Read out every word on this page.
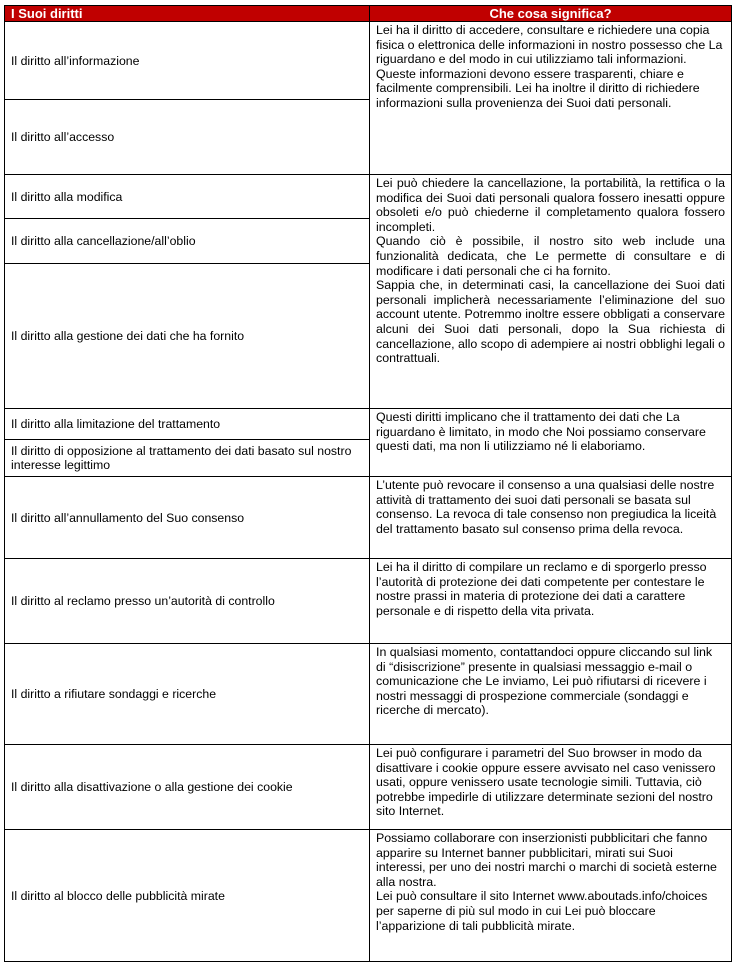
I Suoi diritti	Che cosa significa?
Il diritto all’informazione	Lei ha il diritto di accedere, consultare e richiedere una copia fisica o elettronica delle informazioni in nostro possesso che La riguardano e del modo in cui utilizziamo tali informazioni. Queste informazioni devono essere trasparenti, chiare e facilmente comprensibili. Lei ha inoltre il diritto di richiedere informazioni sulla provenienza dei Suoi dati personali.
Il diritto all’accesso	
Il diritto alla modifica	Lei può chiedere la cancellazione, la portabilità, la rettifica o la modifica dei Suoi dati personali qualora fossero inesatti oppure obsoleti e/o può chiederne il completamento qualora fossero incompleti.

Quando ciò è possibile, il nostro sito web include una funzionalità dedicata, che Le permette di consultare e di modificare i dati personali che ci ha fornito.

Sappia che, in determinati casi, la cancellazione dei Suoi dati personali implicherà necessariamente l’eliminazione del suo account utente. Potremmo inoltre essere obbligati a conservare alcuni dei Suoi dati personali, dopo la Sua richiesta di cancellazione, allo scopo di adempiere ai nostri obblighi legali o contrattuali.

Il diritto alla cancellazione/all’oblio	
Il diritto alla gestione dei dati che ha fornito	
Il diritto alla limitazione del trattamento	Questi diritti implicano che il trattamento dei dati che La riguardano è limitato, in modo che Noi possiamo conservare questi dati, ma non li utilizziamo né li elaboriamo.
Il diritto di opposizione al trattamento dei dati basato sul nostro interesse legittimo	
Il diritto all’annullamento del Suo consenso	L’utente può revocare il consenso a una qualsiasi delle nostre attività di trattamento dei suoi dati personali se basata sul consenso. La revoca di tale consenso non pregiudica la liceità del trattamento basato sul consenso prima della revoca.
Il diritto al reclamo presso un’autorità di controllo	Lei ha il diritto di compilare un reclamo e di sporgerlo presso l’autorità di protezione dei dati competente per contestare le nostre prassi in materia di protezione dei dati a carattere personale e di rispetto della vita privata.
Il diritto a rifiutare sondaggi e ricerche	In qualsiasi momento, contattandoci oppure cliccando sul link di “disiscrizione” presente in qualsiasi messaggio e-mail o comunicazione che Le inviamo, Lei può rifiutarsi di ricevere i nostri messaggi di prospezione commerciale (sondaggi e ricerche di mercato).
Il diritto alla disattivazione o alla gestione dei cookie	Lei può configurare i parametri del Suo browser in modo da disattivare i cookie oppure essere avvisato nel caso venissero usati, oppure venissero usate tecnologie simili. Tuttavia, ciò potrebbe impedirle di utilizzare determinate sezioni del nostro sito Internet.
Il diritto al blocco delle pubblicità mirate	Possiamo collaborare con inserzionisti pubblicitari che fanno apparire su Internet banner pubblicitari, mirati sui Suoi interessi, per uno dei nostri marchi o marchi di società esterne alla nostra.

Lei può consultare il sito Internet www.aboutads.info/choices per saperne di più sul modo in cui Lei può bloccare l’apparizione di tali pubblicità mirate.
